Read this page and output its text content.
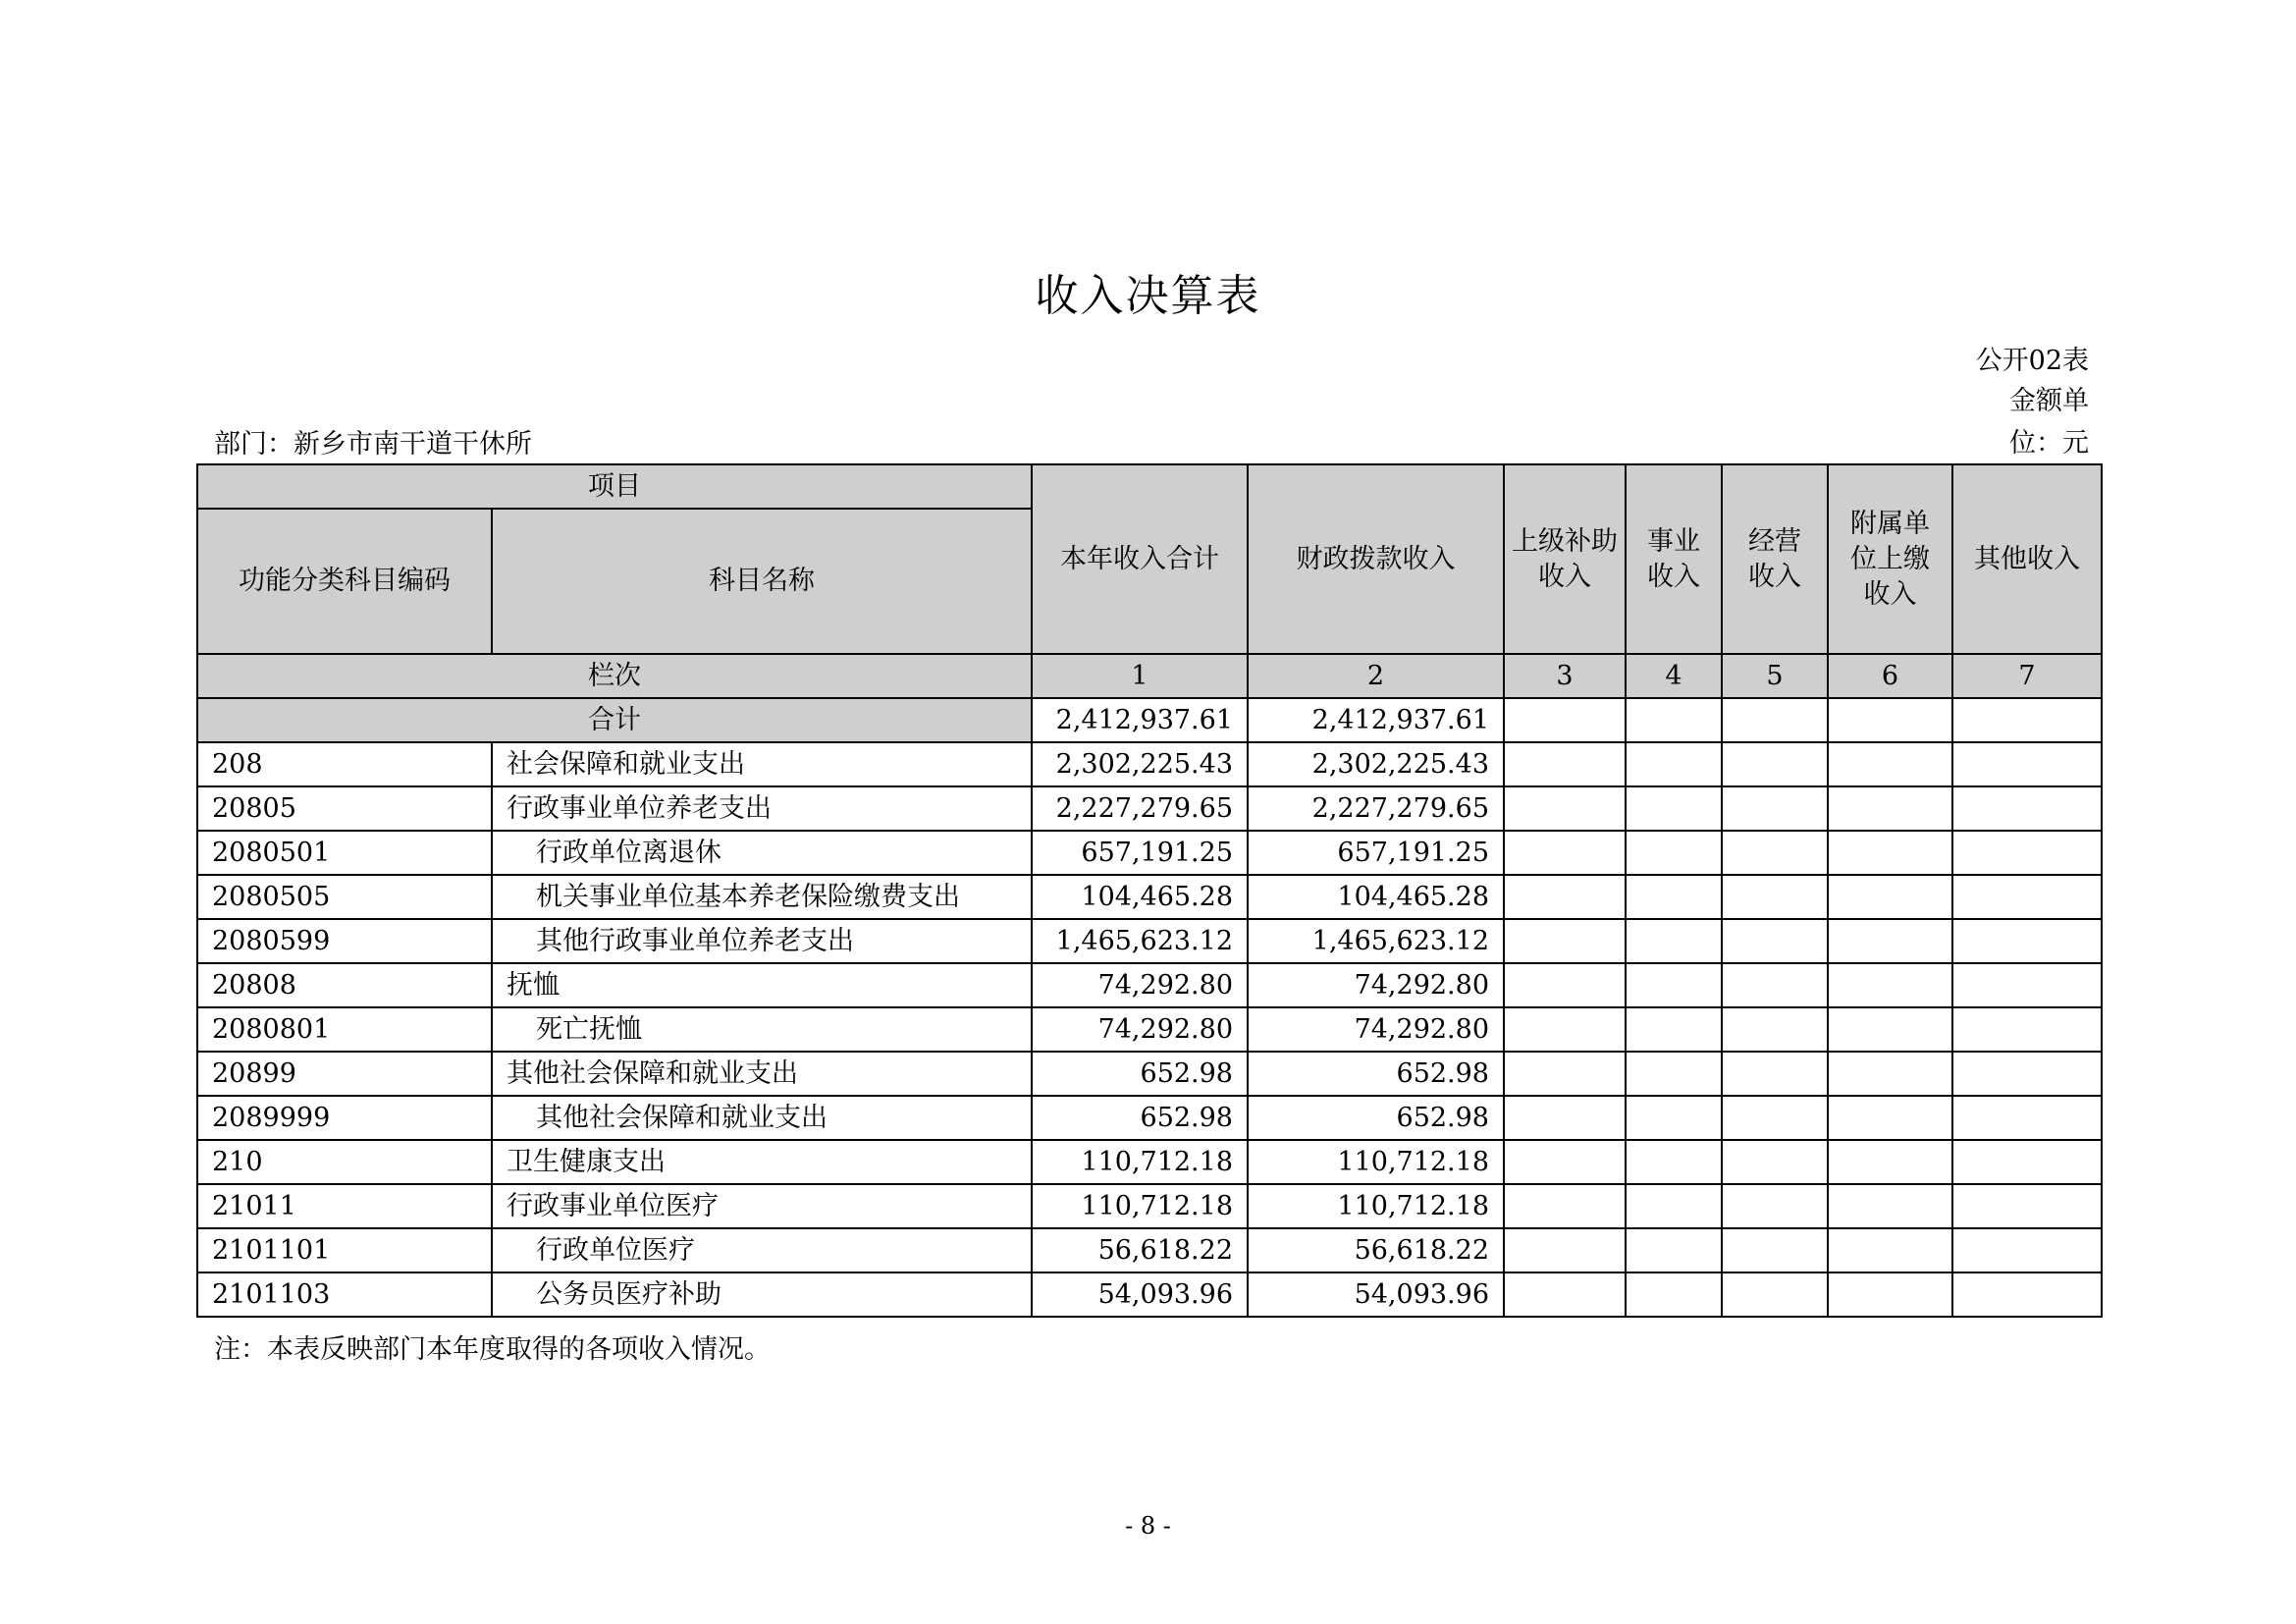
收入决算表
公开02表
金额单
位：元
部门：新乡市南干道干休所
项目		本年收入合计	财政拨款收入	上级补助收入	事业收入	经营收入	附属单位上缴收入	其他收入
功能分类科目编码	科目名称							
栏次		1	2	3	4	5	6	7
合计		2,412,937.61	2,412,937.61					
208	社会保障和就业支出	2,302,225.43	2,302,225.43					
20805	行政事业单位养老支出	2,227,279.65	2,227,279.65					
2080501	行政单位离退休	657,191.25	657,191.25					
2080505	机关事业单位基本养老保险缴费支出	104,465.28	104,465.28					
2080599	其他行政事业单位养老支出	1,465,623.12	1,465,623.12					
20808	抚恤	74,292.80	74,292.80					
2080801	死亡抚恤	74,292.80	74,292.80					
20899	其他社会保障和就业支出	652.98	652.98					
2089999	其他社会保障和就业支出	652.98	652.98					
210	卫生健康支出	110,712.18	110,712.18					
21011	行政事业单位医疗	110,712.18	110,712.18					
2101101	行政单位医疗	56,618.22	56,618.22					
2101103	公务员医疗补助	54,093.96	54,093.96					
注：本表反映部门本年度取得的各项收入情况。
- 8 -
